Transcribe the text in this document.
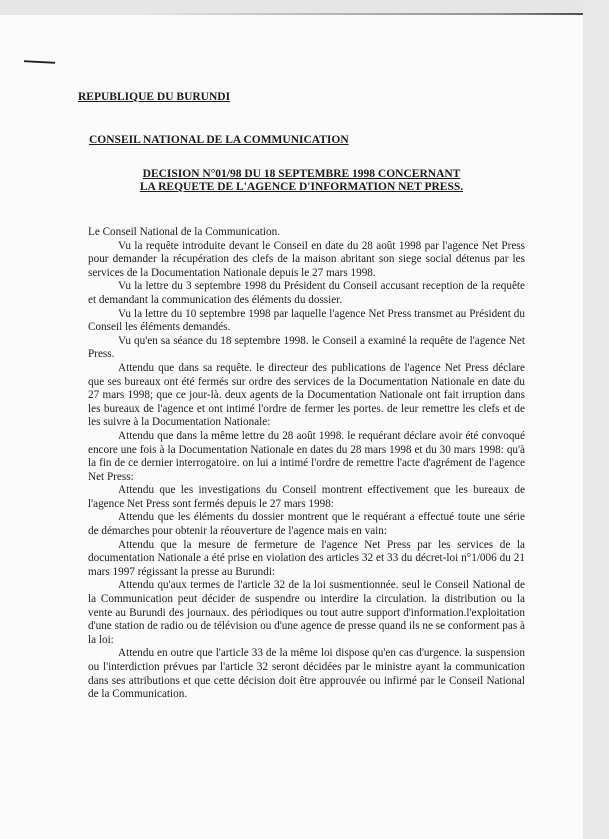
REPUBLIQUE DU BURUNDI
CONSEIL NATIONAL DE LA COMMUNICATION
DECISION N°01/98 DU 18 SEPTEMBRE 1998 CONCERNANT
LA REQUETE DE L'AGENCE D'INFORMATION NET PRESS.

Le Conseil National de la Communication.

Vu la requête introduite devant le Conseil en date du 28 août 1998 par l'agence Net Press pour demander la récupération des clefs de la maison abritant son siege social détenus par les services de la Documentation Nationale depuis le 27 mars 1998.

Vu la lettre du 3 septembre 1998 du Président du Conseil accusant reception de la requête et demandant la communication des éléments du dossier.

Vu la lettre du 10 septembre 1998 par laquelle l'agence Net Press transmet au Président du Conseil les éléments demandés.

Vu qu'en sa séance du 18 septembre 1998. le Conseil a examiné la requête de l'agence Net Press.

Attendu que dans sa requête. le directeur des publications de l'agence Net Press déclare que ses bureaux ont été fermés sur ordre des services de la Documentation Nationale en date du 27 mars 1998; que ce jour-là. deux agents de la Documentation Nationale ont fait irruption dans les bureaux de l'agence et ont intimé l'ordre de fermer les portes. de leur remettre les clefs et de les suivre à la Documentation Nationale:

Attendu que dans la même lettre du 28 août 1998. le requérant déclare avoir été convoqué encore une fois à la Documentation Nationale en dates du 28 mars 1998 et du 30 mars 1998: qu'à la fin de ce dernier interrogatoire. on lui a intimé l'ordre de remettre l'acte d'agrément de l'agence Net Press:

Attendu que les investigations du Conseil montrent effectivement que les bureaux de l'agence Net Press sont fermés depuis le 27 mars 1998:

Attendu que les éléments du dossier montrent que le requérant a effectué toute une série de démarches pour obtenir la réouverture de l'agence mais en vain:

Attendu que la mesure de fermeture de l'agence Net Press par les services de la documentation Nationale a été prise en violation des articles 32 et 33 du décret-loi n°1/006 du 21 mars 1997 régissant la presse au Burundi:

Attendu qu'aux termes de l'article 32 de la loi susmentionnée. seul le Conseil National de la Communication peut décider de suspendre ou interdire la circulation. la distribution ou la vente au Burundi des journaux. des périodiques ou tout autre support d'information.l'exploitation d'une station de radio ou de télévision ou d'une agence de presse quand ils ne se conforment pas à la loi:

Attendu en outre que l'article 33 de la même loi dispose qu'en cas d'urgence. la suspension ou l'interdiction prévues par l'article 32 seront décidées par le ministre ayant la communication dans ses attributions et que cette décision doit être approuvée ou infirmé par le Conseil National de la Communication.
